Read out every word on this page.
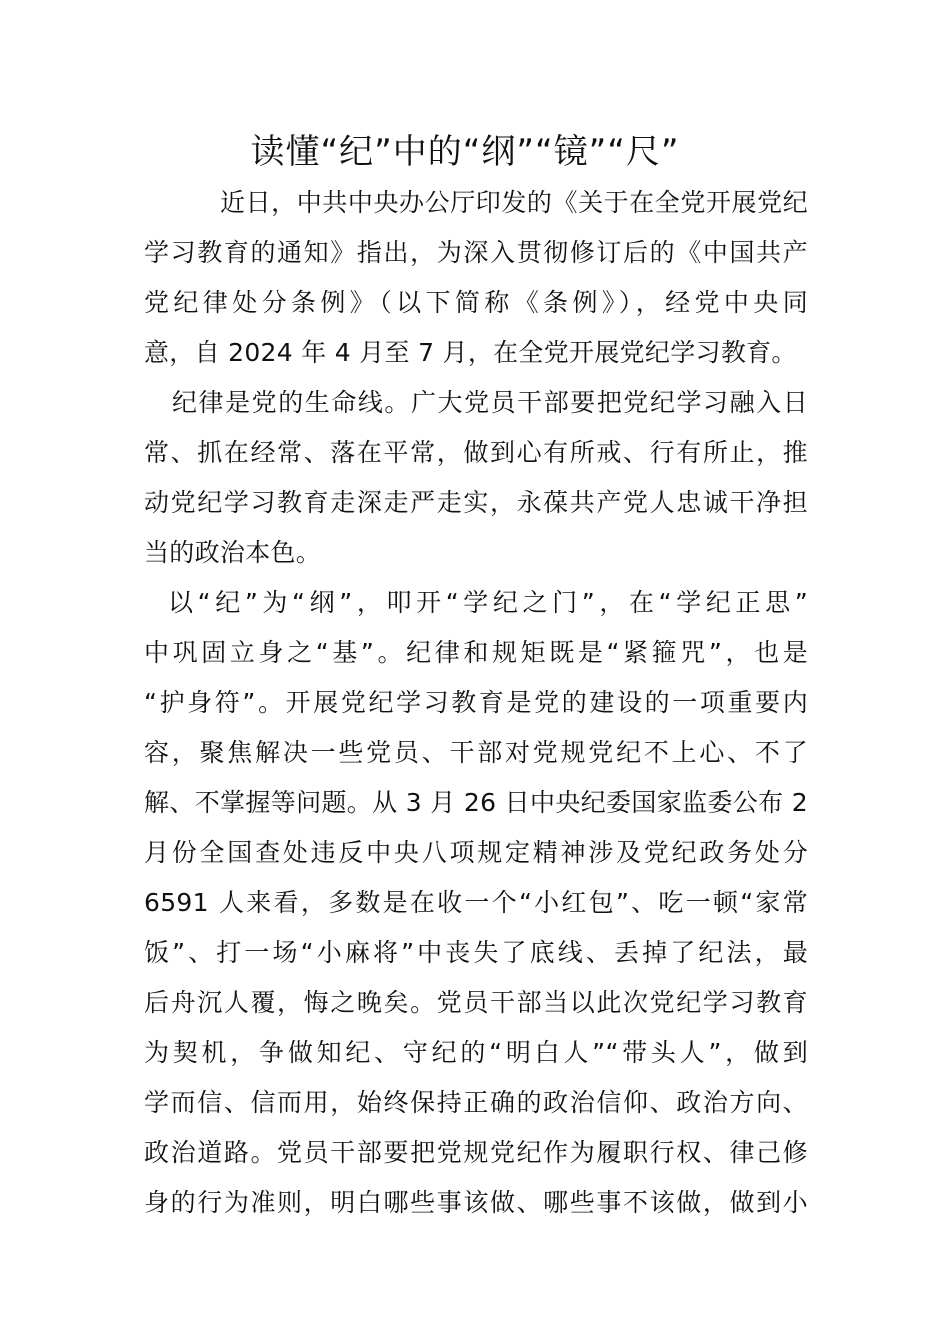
读懂“纪”中的“纲”“镜”“尺”
近日，中共中央办公厅印发的《关于在全党开展党纪
学习教育的通知》指出，为深入贯彻修订后的《中国共产
党纪律处分条例》（以下简称《条例》），经党中央同
意，自 2024 年 4 月至 7 月，在全党开展党纪学习教育。
纪律是党的生命线。广大党员干部要把党纪学习融入日
常、抓在经常、落在平常，做到心有所戒、行有所止，推
动党纪学习教育走深走严走实，永葆共产党人忠诚干净担
当的政治本色。
以“纪”为“纲”，叩开“学纪之门”，在“学纪正思”
中巩固立身之“基”。纪律和规矩既是“紧箍咒”，也是
“护身符”。开展党纪学习教育是党的建设的一项重要内
容，聚焦解决一些党员、干部对党规党纪不上心、不了
解、不掌握等问题。从 3 月 26 日中央纪委国家监委公布 2
月份全国查处违反中央八项规定精神涉及党纪政务处分
6591 人来看，多数是在收一个“小红包”、吃一顿“家常
饭”、打一场“小麻将”中丧失了底线、丢掉了纪法，最
后舟沉人覆，悔之晚矣。党员干部当以此次党纪学习教育
为契机，争做知纪、守纪的“明白人”“带头人”，做到
学而信、信而用，始终保持正确的政治信仰、政治方向、
政治道路。党员干部要把党规党纪作为履职行权、律己修
身的行为准则，明白哪些事该做、哪些事不该做，做到小
